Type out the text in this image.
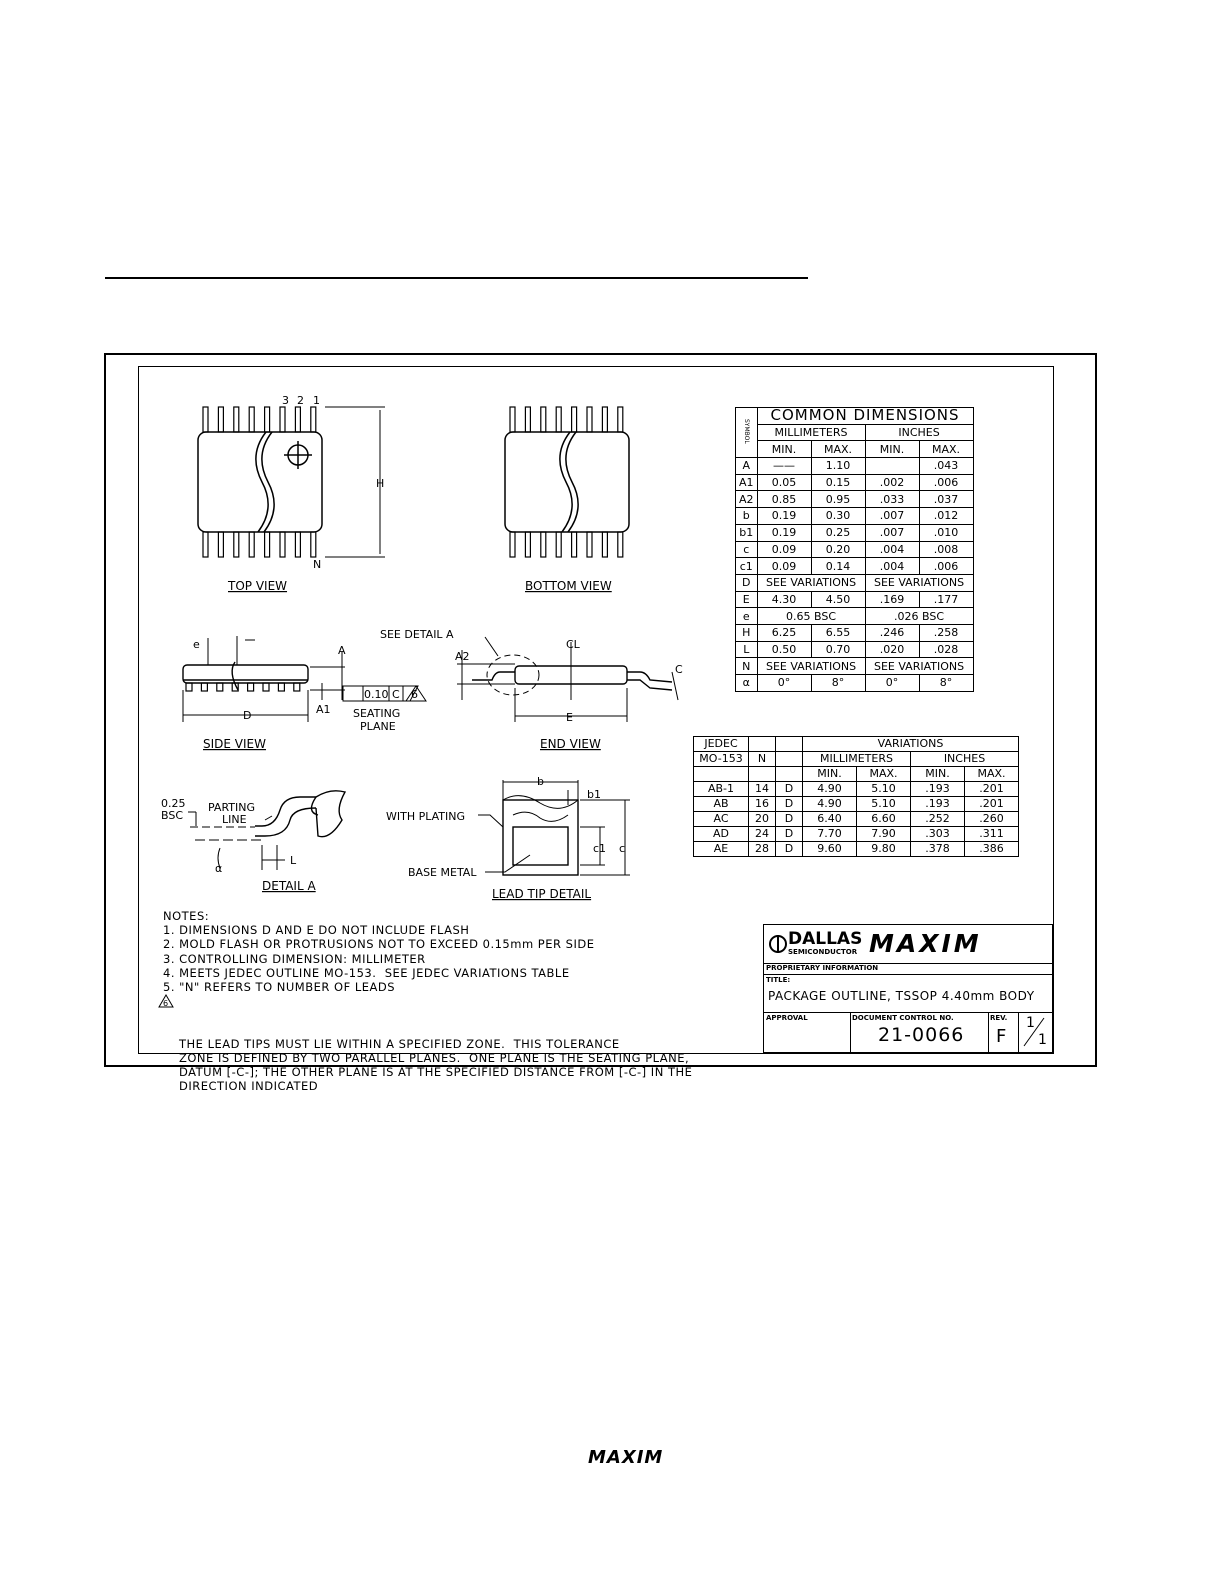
3 2 1
N
H
TOP VIEW	BOTTOM VIEW
e	A
A1
0.10 C 6
SEATING
PLANE
D
SIDE VIEW
SEE DETAIL A
CL
A2
C
E
END VIEW
0.25
BSC
PARTING
LINE
α
L
DETAIL A
b
b1
WITH PLATING
c1 c
BASE METAL
LEAD TIP DETAIL
SYMBOL	COMMON DIMENSIONS			
	MILLIMETERS		INCHES	
	MIN.	MAX.	MIN.	MAX.
A	——	1.10		.043
A1	0.05	0.15	.002	.006
A2	0.85	0.95	.033	.037
b	0.19	0.30	.007	.012
b1	0.19	0.25	.007	.010
c	0.09	0.20	.004	.008
c1	0.09	0.14	.004	.006
D	SEE VARIATIONS		SEE VARIATIONS	
E	4.30	4.50	.169	.177
e	0.65 BSC		.026 BSC	
H	6.25	6.55	.246	.258
L	0.50	0.70	.020	.028
N	SEE VARIATIONS		SEE VARIATIONS	
α	0°	8°	0°	8°
JEDEC			VARIATIONS			
MO-153	N		MILLIMETERS		INCHES	
			MIN.	MAX.	MIN.	MAX.
AB-1	14	D	4.90	5.10	.193	.201
AB	16	D	4.90	5.10	.193	.201
AC	20	D	6.40	6.60	.252	.260
AD	24	D	7.70	7.90	.303	.311
AE	28	D	9.60	9.80	.378	.386
NOTES:
1. DIMENSIONS D AND E DO NOT INCLUDE FLASH
2. MOLD FLASH OR PROTRUSIONS NOT TO EXCEED 0.15mm PER SIDE
3. CONTROLLING DIMENSION: MILLIMETER
4. MEETS JEDEC OUTLINE MO-153.  SEE JEDEC VARIATIONS TABLE
5. "N" REFERS TO NUMBER OF LEADS

6

THE LEAD TIPS MUST LIE WITHIN A SPECIFIED ZONE.  THIS TOLERANCE
ZONE IS DEFINED BY TWO PARALLEL PLANES.  ONE PLANE IS THE SEATING PLANE,
DATUM [-C-]; THE OTHER PLANE IS AT THE SPECIFIED DISTANCE FROM [-C-] IN THE
DIRECTION INDICATED

DALLAS
SEMICONDUCTOR MAXIM
PROPRIETARY INFORMATION
TITLE:
PACKAGE OUTLINE, TSSOP 4.40mm BODY
APPROVAL	DOCUMENT CONTROL NO.
21-0066
REV.
F
1
1
MAXIM
